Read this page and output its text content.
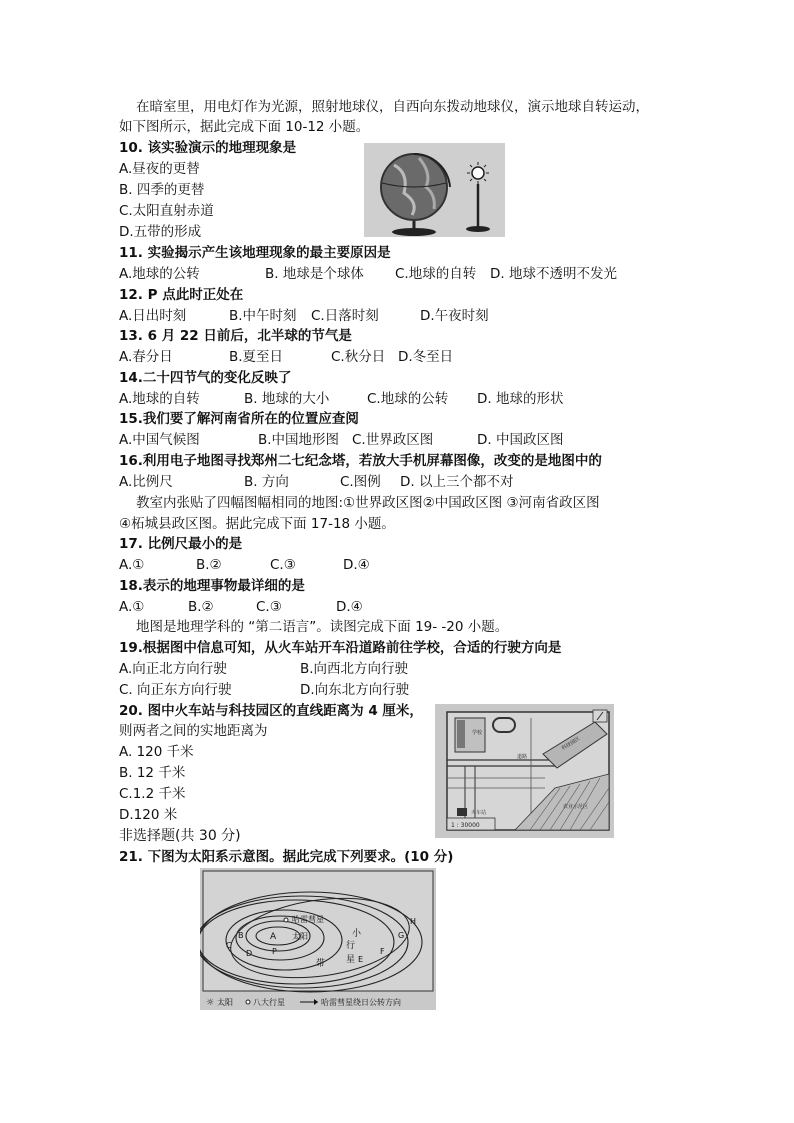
在暗室里，用电灯作为光源，照射地球仪，自西向东拨动地球仪，演示地球自转运动，
如下图所示，据此完成下面 10-12 小题。
10. 该实验演示的地理现象是
A.昼夜的更替
B. 四季的更替
C.太阳直射赤道
D.五带的形成
11. 实验揭示产生该地理现象的最主要原因是
A.地球的公转	B. 地球是个球体 C.地球的自转 D. 地球不透明不发光
12. P 点此时正处在
A.日出时刻	B.中午时刻 C.日落时刻	D.午夜时刻
13. 6 月 22 日前后，北半球的节气是
A.春分日	B.夏至日	C.秋分日 D.冬至日
14.二十四节气的变化反映了
A.地球的自转	B. 地球的大小	C.地球的公转 D. 地球的形状
15.我们要了解河南省所在的位置应查阅
A.中国气候图	B.中国地形图 C.世界政区图	D. 中国政区图
16.利用电子地图寻找郑州二七纪念塔，若放大手机屏幕图像，改变的是地图中的
A.比例尺	B. 方向	C.图例 D. 以上三个都不对
教室内张贴了四幅图幅相同的地图:①世界政区图②中国政区图 ③河南省政区图
④柘城县政区图。据此完成下面 17-18 小题。
17. 比例尺最小的是
A.①	B.②	C.③	D.④
18.表示的地理事物最详细的是
A.①	B.②	C.③	D.④
地图是地理学科的 “第二语言”。读图完成下面 19- -20 小题。
19.根据图中信息可知，从火车站开车沿道路前往学校，合适的行驶方向是
A.向正北方向行驶	B.向西北方向行驶
C. 向正东方向行驶	D.向东北方向行驶
20. 图中火车站与科技园区的直线距离为 4 厘米，
则两者之间的实地距离为
A. 120 千米
B. 12 千米
C.1.2 千米
D.120 米
学校
道路
科技园区
农业示范区
火车站
1 : 30000
非选择题(共 30 分)
21. 下图为太阳系示意图。据此完成下列要求。(10 分)
哈雷彗星
A 太阳
B
C
D P
E
F
G
H
小
行
星
带
☼ 太阳	八大行星	哈雷彗星绕日公转方向
